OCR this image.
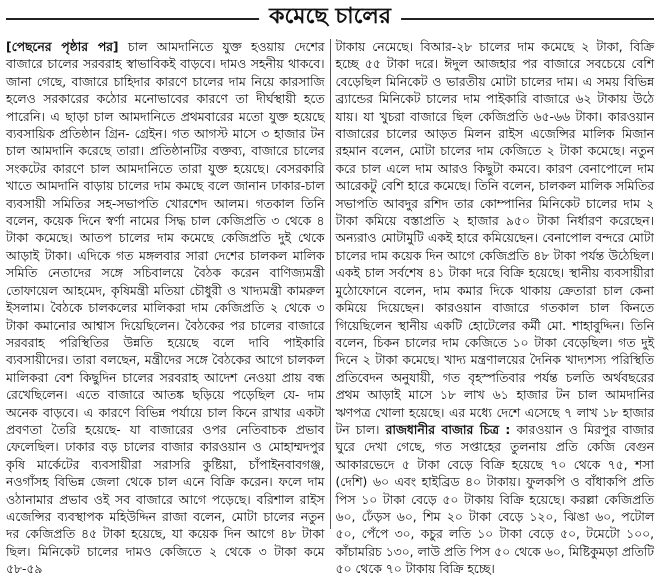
কমেছে চালের
[পেছনের পৃষ্ঠার পর] চাল আমদানিতে যুক্ত হওয়ায় দেশের বাজারে চালের সরবরাহ স্বাভাবিকই বাড়বে। দামও সহনীয় থাকবে। জানা গেছে, বাজারে চাহিদার কারণে চালের দাম নিয়ে কারসাজি হলেও সরকারের কঠোর মনোভাবের কারণে তা দীর্ঘস্থায়ী হতে পারেনি। এ ছাড়া চাল আমদানিতে প্রথমবারের মতো যুক্ত হয়েছে ব্যবসায়িক প্রতিষ্ঠান গ্রিন- গ্রেইন। গত আগস্ট মাসে ৩ হাজার টন চাল আমদানি করেছে তারা। প্রতিষ্ঠানটির বক্তব্য, বাজারে চালের সংকটের কারণে চাল আমদানিতে তারা যুক্ত হয়েছে। বেসরকারি খাতে আমদানি বাড়ায় চালের দাম কমছে বলে জানান ঢাকার-চাল ব্যবসায়ী সমিতির সহ-সভাপতি খোরশেদ আলম। গতকাল তিনি বলেন, কয়েক দিনে স্বর্ণা নামের সিদ্ধ চাল কেজিপ্রতি ৩ থেকে ৪ টাকা কমেছে। আতপ চালের দাম কমেছে কেজিপ্রতি দুই থেকে আড়াই টাকা। এদিকে গত মঙ্গলবার সারা দেশের চালকল মালিক সমিতি নেতাদের সঙ্গে সচিবালয়ে বৈঠক করেন বাণিজ্যমন্ত্রী তোফায়েল আহমেদ, কৃষিমন্ত্রী মতিয়া চৌধুরী ও খাদ্যমন্ত্রী কামরুল ইসলাম। বৈঠকে চালকলের মালিকরা দাম কেজিপ্রতি ২ থেকে ৩ টাকা কমানোর আশ্বাস দিয়েছিলেন। বৈঠকের পর চালের বাজারে সরবরাহ পরিস্থিতির উন্নতি হয়েছে বলে দাবি পাইকারি ব্যবসায়ীদের। তারা বলছেন, মন্ত্রীদের সঙ্গে বৈঠকের আগে চালকল মালিকরা বেশ কিছুদিন চালের সরবরাহ আদেশ নেওয়া প্রায় বন্ধ রেখেছিলেন। এতে বাজারে আতঙ্ক ছড়িয়ে পড়েছিল যে- দাম অনেক বাড়বে। এ কারণে বিভিন্ন পর্যায়ে চাল কিনে রাখার একটা প্রবণতা তৈরি হয়েছে- যা বাজারের ওপর নেতিবাচক প্রভাব ফেলেছিল। ঢাকার বড় চালের বাজার কারওয়ান ও মোহাম্মদপুর কৃষি মার্কেটের ব্যবসায়ীরা সরাসরি কুষ্টিয়া, চাঁপাইনবাবগঞ্জ, নওগাঁসহ বিভিন্ন জেলা থেকে চাল এনে বিক্রি করেন। ফলে দাম ওঠানামার প্রভাব ওই সব বাজারে আগে পড়েছে। বরিশাল রাইস এজেন্সির ব্যবস্থাপক মহিউদ্দিন রাজা বলেন, মোটা চালের নতুন দর কেজিপ্রতি ৪৫ টাকা হয়েছে, যা কয়েক দিন আগে ৪৮ টাকা ছিল। মিনিকেট চালের দামও কেজিতে ২ থেকে ৩ টাকা কমে ৫৮-৫৯
টাকায় নেমেছে। বিআর-২৮ চালের দাম কমেছে ২ টাকা, বিক্রি হচ্ছে ৫৫ টাকা দরে। ঈদুল আজহার পর বাজারে সবচেয়ে বেশি বেড়েছিল মিনিকেট ও ভারতীয় মোটা চালের দাম। এ সময় বিভিন্ন ব্র্যান্ডের মিনিকেট চালের দাম পাইকারি বাজারে ৬২ টাকায় উঠে যায়। যা খুচরা বাজারে ছিল কেজিপ্রতি ৬৫-৬৬ টাকা। কারওয়ান বাজারের চালের আড়ত মিলন রাইস এজেন্সির মালিক মিজান রহমান বলেন, মোটা চালের দাম কেজিতে ২ টাকা কমেছে। নতুন করে চাল এলে দাম আরও কিছুটা কমবে। কারণ বেনাপোলে দাম আরেকটু বেশি হারে কমেছে। তিনি বলেন, চালকল মালিক সমিতির সভাপতি আবদুর রশিদ তার কোম্পানির মিনিকেট চালের দাম ২ টাকা কমিয়ে বস্তাপ্রতি ২ হাজার ৯৫০ টাকা নির্ধারণ করেছেন। অন্যরাও মোটামুটি একই হারে কমিয়েছেন। বেনাপোল বন্দরে মোটা চালের দাম কয়েক দিন আগে কেজিপ্রতি ৪৮ টাকা পর্যন্ত উঠেছিল। একই চাল সর্বশেষ ৪১ টাকা দরে বিক্রি হয়েছে। স্থানীয় ব্যবসায়ীরা মুঠোফোনে বলেন, দাম কমার দিকে থাকায় ক্রেতারা চাল কেনা কমিয়ে দিয়েছেন। কারওয়ান বাজারে গতকাল চাল কিনতে গিয়েছিলেন স্থানীয় একটি হোটেলের কর্মী মো. শাহাবুদ্দিন। তিনি বলেন, চিকন চালের দাম কেজিতে ১০ টাকা বেড়েছিল। গত দুই দিনে ২ টাকা কমেছে। খাদ্য মন্ত্রণালয়ের দৈনিক খাদ্যশস্য পরিস্থিতি প্রতিবেদন অনুযায়ী, গত বৃহস্পতিবার পর্যন্ত চলতি অর্থবছরের প্রথম আড়াই মাসে ১৮ লাখ ৬১ হাজার টন চাল আমদানির ঋণপত্র খোলা হয়েছে। এর মধ্যে দেশে এসেছে ৭ লাখ ১৮ হাজার টন চাল। রাজধানীর বাজার চিত্র : কারওয়ান ও মিরপুর বাজার ঘুরে দেখা গেছে, গত সপ্তাহের তুলনায় প্রতি কেজি বেগুন আকারভেদে ৫ টাকা বেড়ে বিক্রি হয়েছে ৭০ থেকে ৭৫, শসা (দেশি) ৬০ এবং হাইব্রিড ৪০ টাকায়। ফুলকপি ও বাঁধাকপি প্রতি পিস ১০ টাকা বেড়ে ৫০ টাকায় বিক্রি হয়েছে। করল্লা কেজিপ্রতি ৬০, ঢেঁড়স ৬০, শিম ২০ টাকা বেড়ে ১২০, ঝিঙা ৬০, পটোল ৫০, পেঁপে ৩০, কচুর লতি ১০ টাকা বেড়ে ৫০, টমেটো ১০০, কাঁচামরিচ ১৩০, লাউ প্রতি পিস ৫০ থেকে ৬০, মিষ্টিকুমড়া প্রতিটি ৫০ থেকে ৭০ টাকায় বিক্রি হচ্ছে।
